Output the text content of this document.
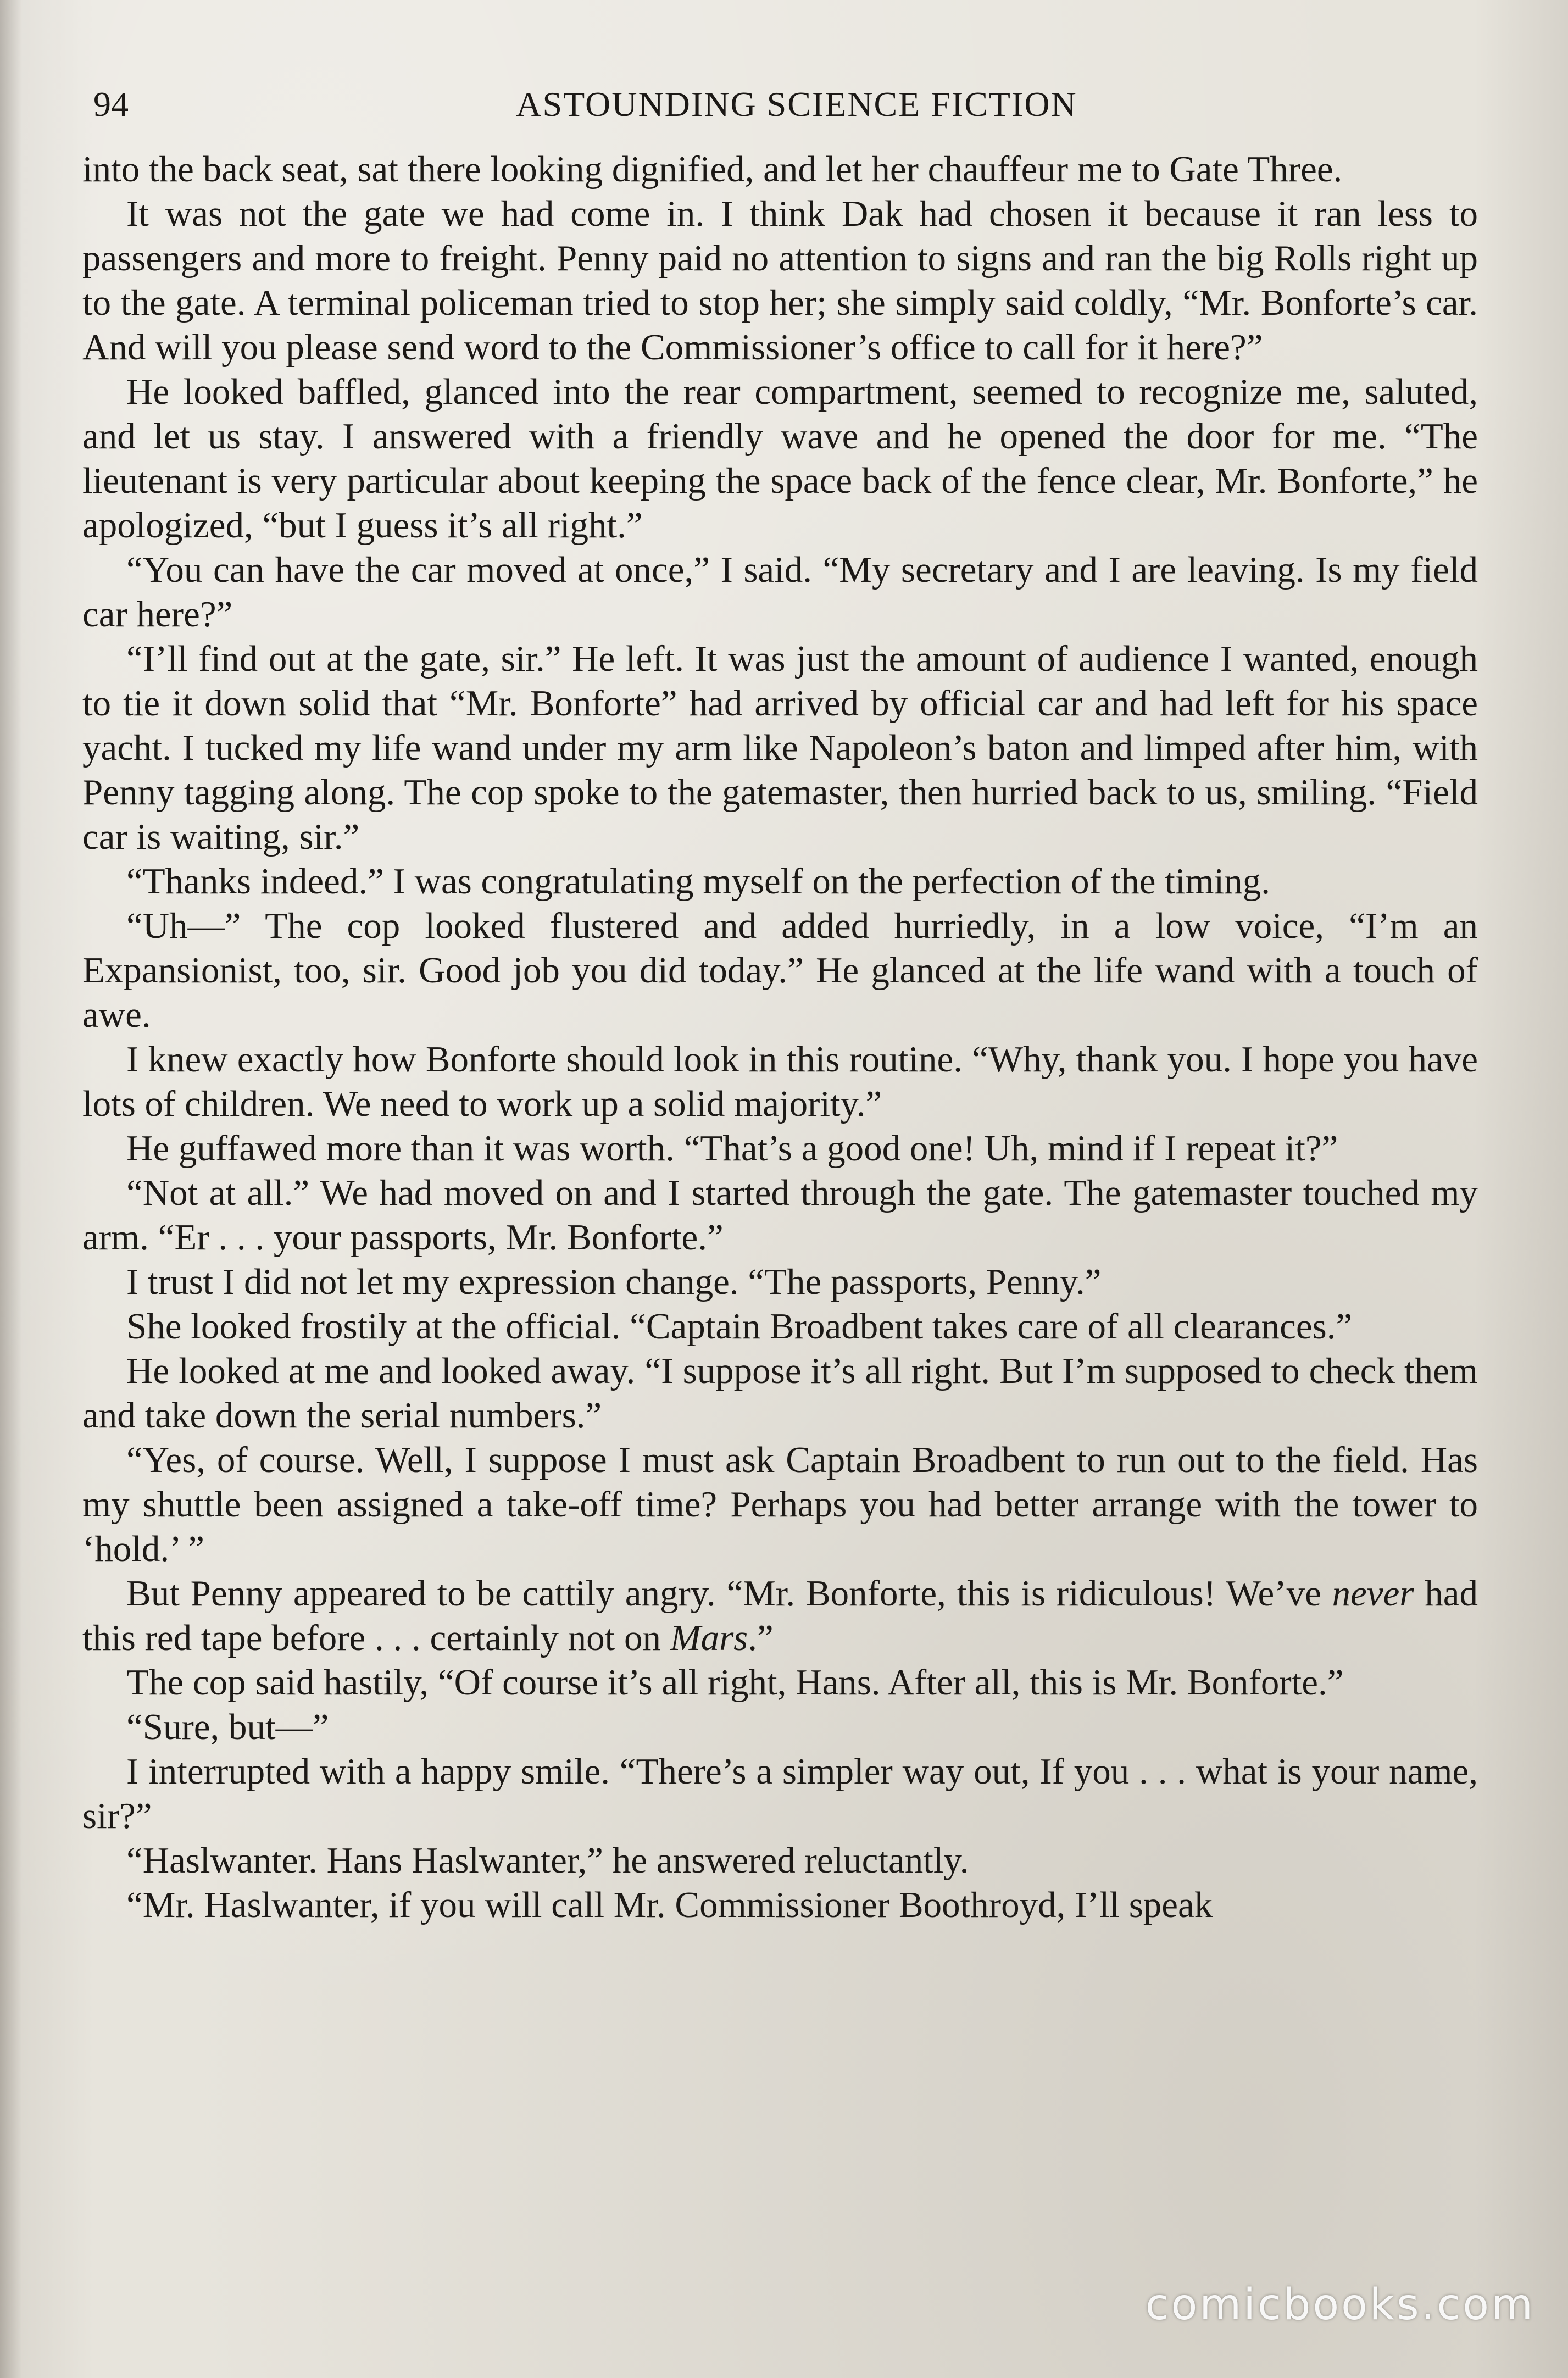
94	ASTOUNDING SCIENCE FICTION

into the back seat, sat there looking dignified, and let her chauffeur me to Gate Three.

It was not the gate we had come in. I think Dak had chosen it because it ran less to passengers and more to freight. Penny paid no attention to signs and ran the big Rolls right up to the gate. A terminal policeman tried to stop her; she simply said coldly, “Mr. Bonforte’s car. And will you please send word to the Commissioner’s office to call for it here?”

He looked baffled, glanced into the rear compartment, seemed to recognize me, saluted, and let us stay. I answered with a friendly wave and he opened the door for me. “The lieutenant is very particular about keeping the space back of the fence clear, Mr. Bonforte,” he apologized, “but I guess it’s all right.”

“You can have the car moved at once,” I said. “My secretary and I are leaving. Is my field car here?”

“I’ll find out at the gate, sir.” He left. It was just the amount of audience I wanted, enough to tie it down solid that “Mr. Bonforte” had arrived by official car and had left for his space yacht. I tucked my life wand under my arm like Napoleon’s baton and limped after him, with Penny tagging along. The cop spoke to the gatemaster, then hurried back to us, smiling. “Field car is waiting, sir.”

“Thanks indeed.” I was congratulating myself on the perfection of the timing.

“Uh—” The cop looked flustered and added hurriedly, in a low voice, “I’m an Expansionist, too, sir. Good job you did today.” He glanced at the life wand with a touch of awe.

I knew exactly how Bonforte should look in this routine. “Why, thank you. I hope you have lots of children. We need to work up a solid majority.”

He guffawed more than it was worth. “That’s a good one! Uh, mind if I repeat it?”

“Not at all.” We had moved on and I started through the gate. The gatemaster touched my arm. “Er . . . your passports, Mr. Bonforte.”

I trust I did not let my expression change. “The passports, Penny.”

She looked frostily at the official. “Captain Broadbent takes care of all clearances.”

He looked at me and looked away. “I suppose it’s all right. But I’m supposed to check them and take down the serial numbers.”

“Yes, of course. Well, I suppose I must ask Captain Broadbent to run out to the field. Has my shuttle been assigned a take-off time? Perhaps you had better arrange with the tower to ‘hold.’ ”

But Penny appeared to be cattily angry. “Mr. Bonforte, this is ridiculous! We’ve never had this red tape before . . . certainly not on Mars.”

The cop said hastily, “Of course it’s all right, Hans. After all, this is Mr. Bonforte.”

“Sure, but—”

I interrupted with a happy smile. “There’s a simpler way out, If you . . . what is your name, sir?”

“Haslwanter. Hans Haslwanter,” he answered reluctantly.

“Mr. Haslwanter, if you will call Mr. Commissioner Boothroyd, I’ll speak

comicbooks.com
